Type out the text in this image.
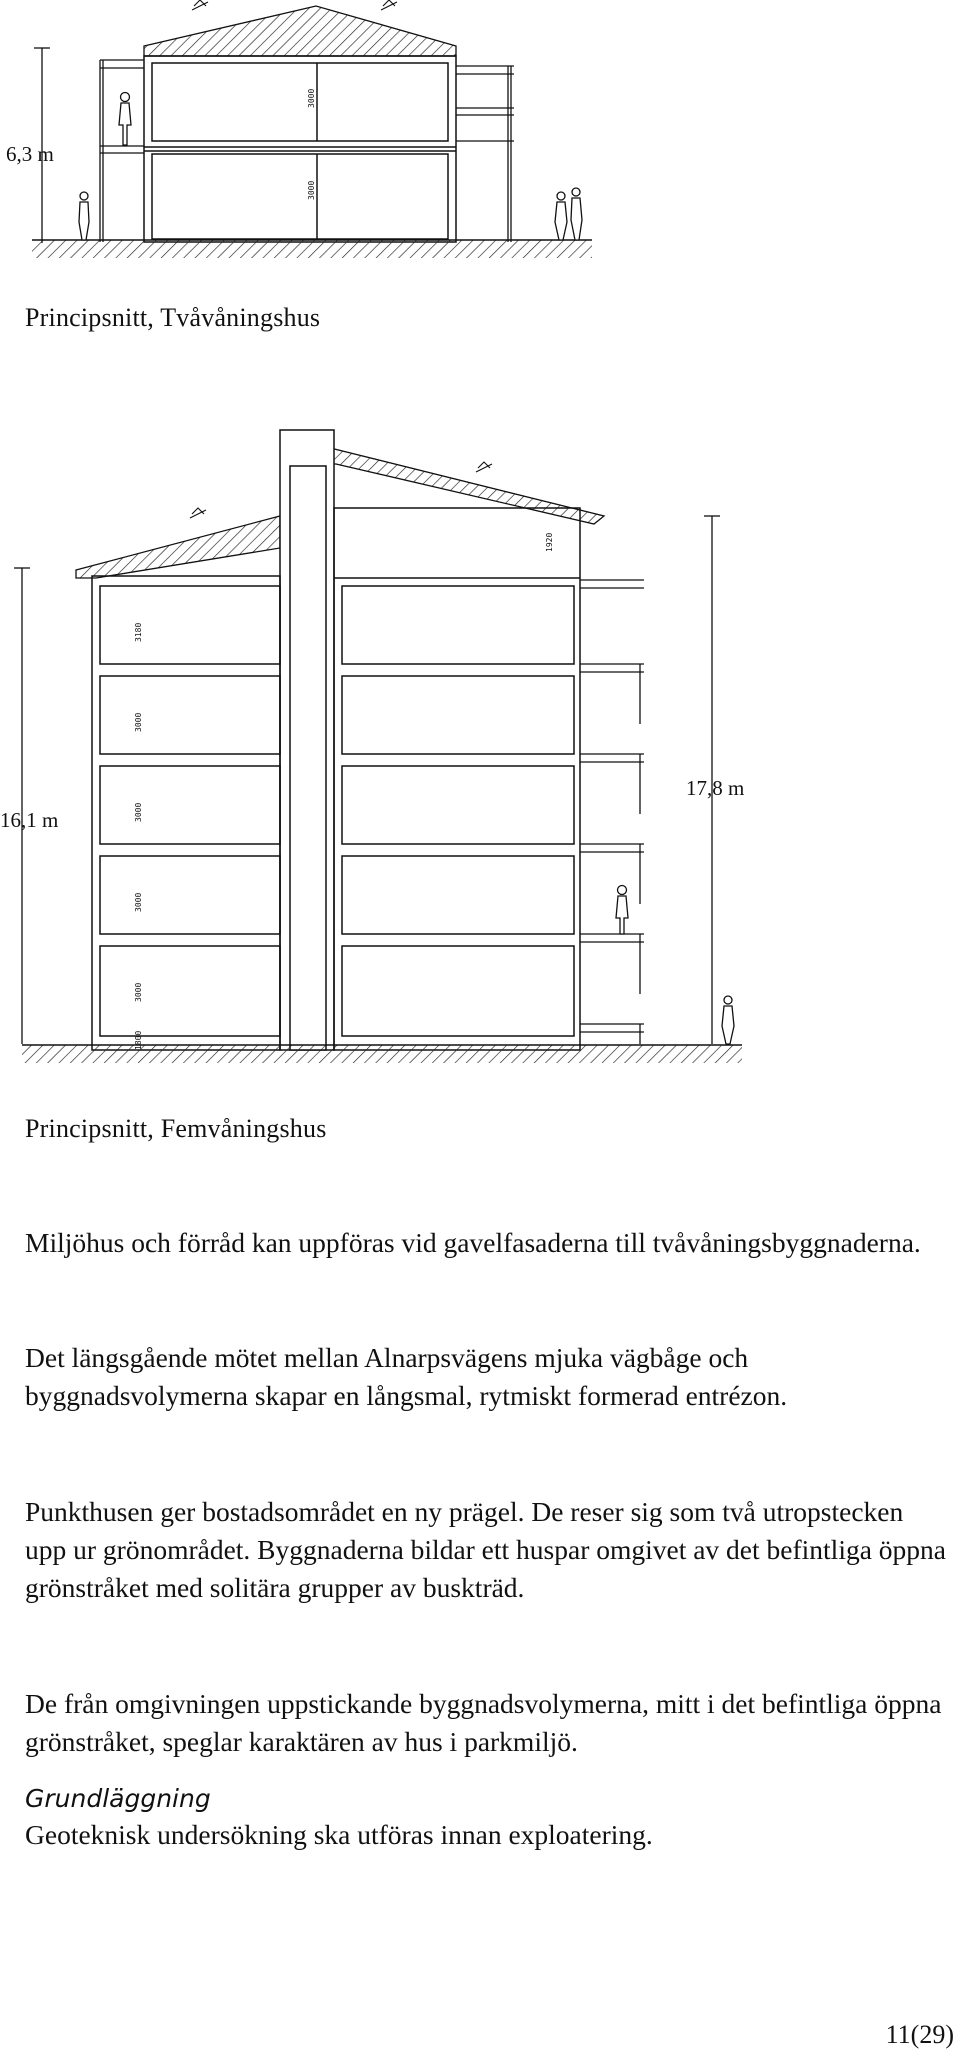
3000
3000
6,3 m
Principsnitt, Tvåvåningshus
3180
3000
3000
3000
3000
1920
1800
16,1 m
17,8 m
Principsnitt, Femvåningshus

Miljöhus och förråd kan uppföras vid gavelfasaderna till tvåvåningsbyggnaderna.

Det längsgående mötet mellan Alnarpsvägens mjuka vägbåge och byggnadsvolymerna skapar en långsmal, rytmiskt formerad entrézon.

Punkthusen ger bostadsområdet en ny prägel. De reser sig som två utropstecken upp ur grönområdet. Byggnaderna bildar ett huspar omgivet av det befintliga öppna grönstråket med solitära grupper av buskträd.

De från omgivningen uppstickande byggnadsvolymerna, mitt i det befintliga öppna grönstråket, speglar karaktären av hus i parkmiljö.

Grundläggning

Geoteknisk undersökning ska utföras innan exploatering.

11(29)
